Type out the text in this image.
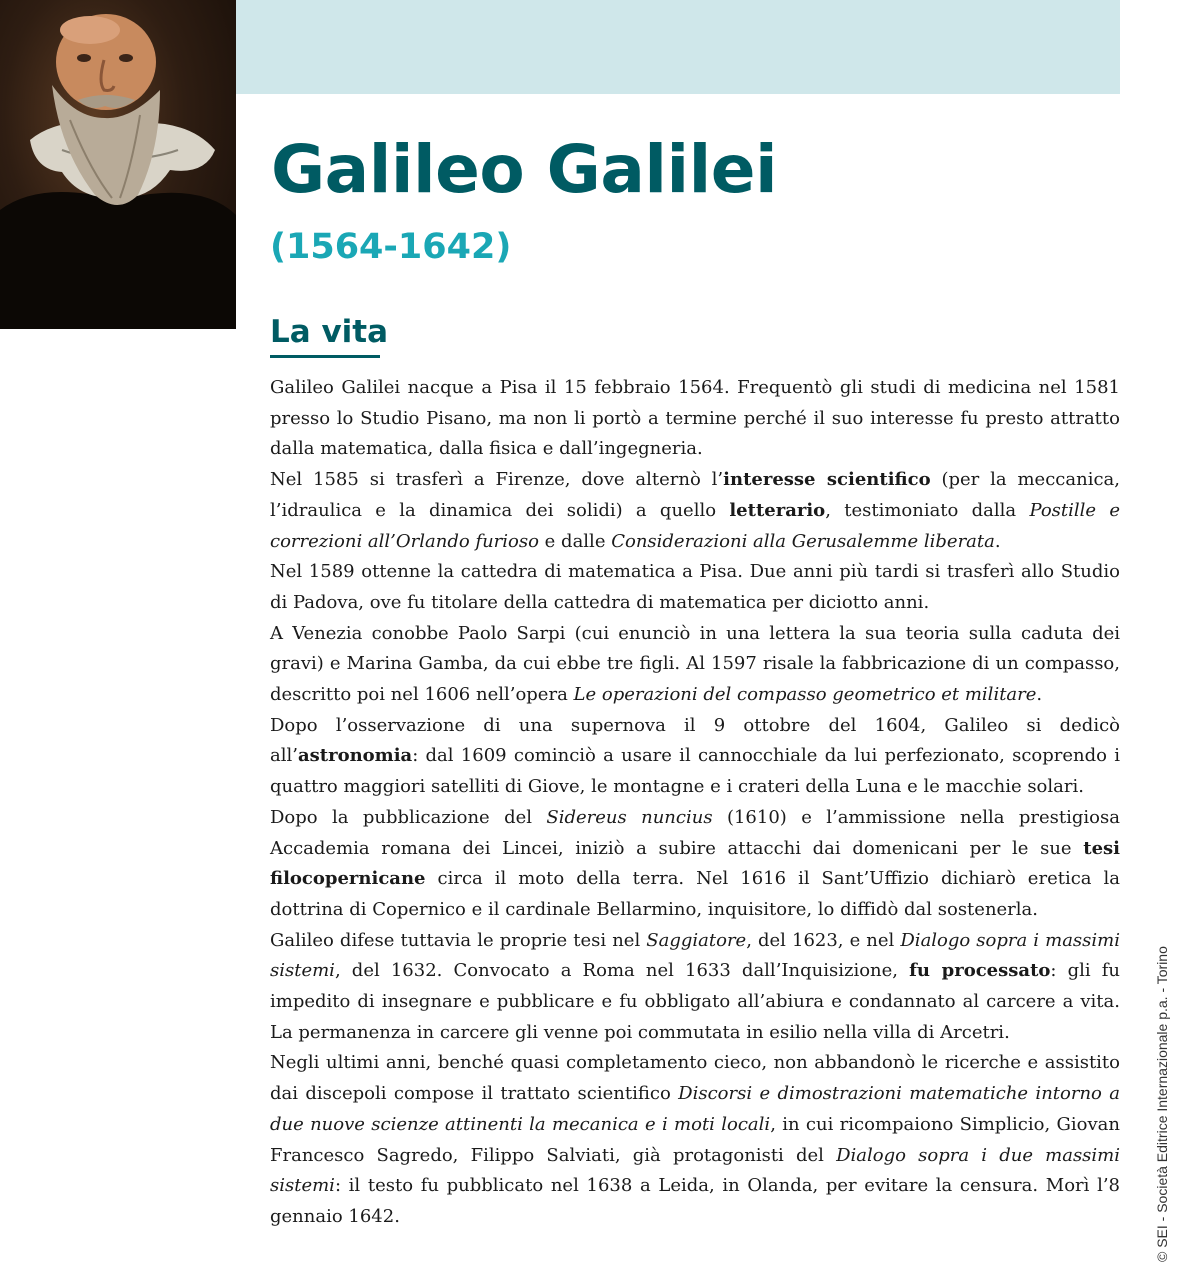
Galileo Galilei
(1564-1642)
La vita

Galileo Galilei nacque a Pisa il 15 febbraio 1564. Frequentò gli studi di medicina nel 1581 presso lo Studio Pisano, ma non li portò a termine perché il suo interesse fu presto attratto dalla matematica, dalla fisica e dall’ingegneria.

Nel 1585 si trasferì a Firenze, dove alternò l’interesse scientifico (per la meccanica, l’idraulica e la dinamica dei solidi) a quello letterario, testimoniato dalla Postille e correzioni all’Orlando furioso e dalle Considerazioni alla Gerusalemme liberata.

Nel 1589 ottenne la cattedra di matematica a Pisa. Due anni più tardi si trasferì allo Studio di Padova, ove fu titolare della cattedra di matematica per diciotto anni.

A Venezia conobbe Paolo Sarpi (cui enunciò in una lettera la sua teoria sulla caduta dei gravi) e Marina Gamba, da cui ebbe tre figli. Al 1597 risale la fabbricazione di un compasso, descritto poi nel 1606 nell’opera Le operazioni del compasso geometrico et militare.

Dopo l’osservazione di una supernova il 9 ottobre del 1604, Galileo si dedicò all’astronomia: dal 1609 cominciò a usare il cannocchiale da lui perfezionato, scoprendo i quattro maggiori satelliti di Giove, le montagne e i crateri della Luna e le macchie solari.

Dopo la pubblicazione del Sidereus nuncius (1610) e l’ammissione nella prestigiosa Accademia romana dei Lincei, iniziò a subire attacchi dai domenicani per le sue tesi filocopernicane circa il moto della terra. Nel 1616 il Sant’Uffizio dichiarò eretica la dottrina di Copernico e il cardinale Bellarmino, inquisitore, lo diffidò dal sostenerla.

Galileo difese tuttavia le proprie tesi nel Saggiatore, del 1623, e nel Dialogo sopra i massimi sistemi, del 1632. Convocato a Roma nel 1633 dall’Inquisizione, fu processato: gli fu impedito di insegnare e pubblicare e fu obbligato all’abiura e condannato al carcere a vita. La permanenza in carcere gli venne poi commutata in esilio nella villa di Arcetri.

Negli ultimi anni, benché quasi completamento cieco, non abbandonò le ricerche e assistito dai discepoli compose il trattato scientifico Discorsi e dimostrazioni matematiche intorno a due nuove scienze attinenti la mecanica e i moti locali, in cui ricompaiono Simplicio, Giovan Francesco Sagredo, Filippo Salviati, già protagonisti del Dialogo sopra i due massimi sistemi: il testo fu pubblicato nel 1638 a Leida, in Olanda, per evitare la censura. Morì l’8 gennaio 1642.	© SEI - Società Editrice Internazionale p.a. - Torino
